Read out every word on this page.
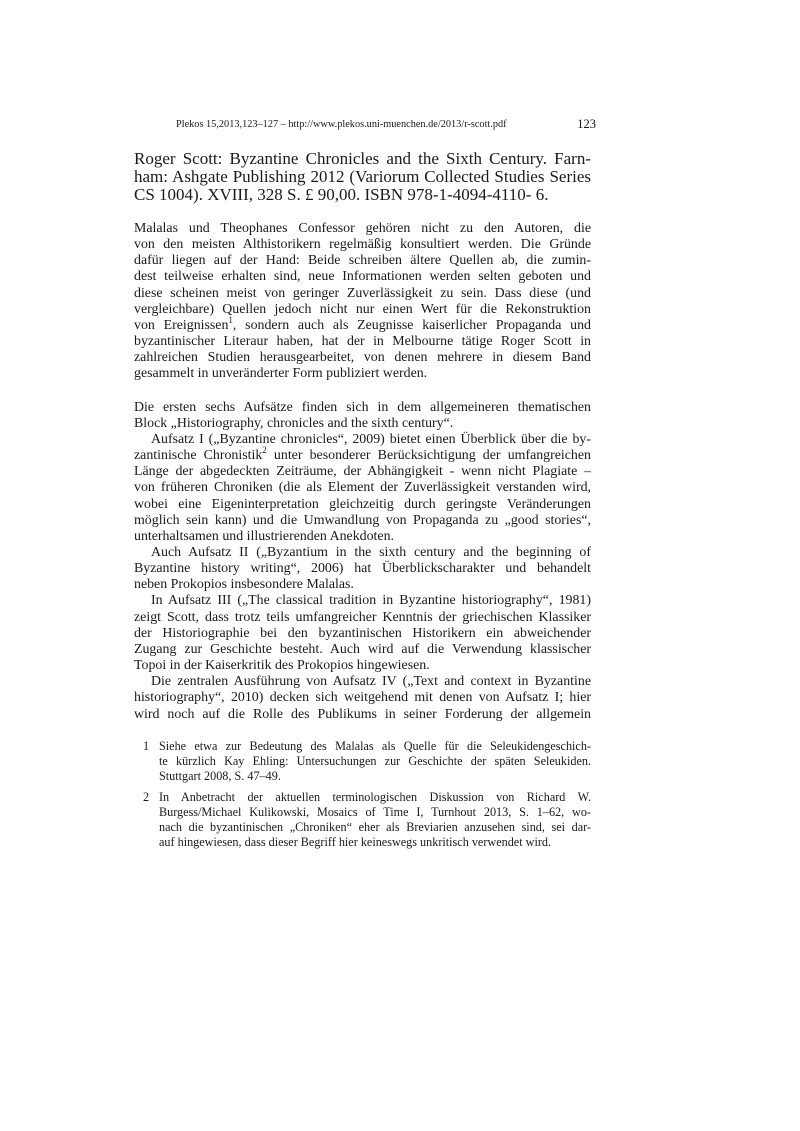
Plekos 15,2013,123–127 – http://www.plekos.uni-muenchen.de/2013/r-scott.pdf	123
Roger Scott: Byzantine Chronicles and the Sixth Century. Farn-
ham: Ashgate Publishing 2012 (Variorum Collected Studies Series
CS 1004). XVIII, 328 S. £ 90,00. ISBN 978-1-4094-4110- 6.
Malalas und Theophanes Confessor gehören nicht zu den Autoren, die
von den meisten Althistorikern regelmäßig konsultiert werden. Die Gründe
dafür liegen auf der Hand: Beide schreiben ältere Quellen ab, die zumin-
dest teilweise erhalten sind, neue Informationen werden selten geboten und
diese scheinen meist von geringer Zuverlässigkeit zu sein. Dass diese (und
vergleichbare) Quellen jedoch nicht nur einen Wert für die Rekonstruktion
von Ereignissen$^1$, sondern auch als Zeugnisse kaiserlicher Propaganda und
byzantinischer Literaur haben, hat der in Melbourne tätige Roger Scott in
zahlreichen Studien herausgearbeitet, von denen mehrere in diesem Band
gesammelt in unveränderter Form publiziert werden.
Die ersten sechs Aufsätze finden sich in dem allgemeineren thematischen
Block „Historiography, chronicles and the sixth century“.
Aufsatz I („Byzantine chronicles“, 2009) bietet einen Überblick über die by-
zantinische Chronistik$^2$ unter besonderer Berücksichtigung der umfangreichen
Länge der abgedeckten Zeiträume, der Abhängigkeit - wenn nicht Plagiate –
von früheren Chroniken (die als Element der Zuverlässigkeit verstanden wird,
wobei eine Eigeninterpretation gleichzeitig durch geringste Veränderungen
möglich sein kann) und die Umwandlung von Propaganda zu „good stories“,
unterhaltsamen und illustrierenden Anekdoten.
Auch Aufsatz II („Byzantium in the sixth century and the beginning of
Byzantine history writing“, 2006) hat Überblickscharakter und behandelt
neben Prokopios insbesondere Malalas.
In Aufsatz III („The classical tradition in Byzantine historiography“, 1981)
zeigt Scott, dass trotz teils umfangreicher Kenntnis der griechischen Klassiker
der Historiographie bei den byzantinischen Historikern ein abweichender
Zugang zur Geschichte besteht. Auch wird auf die Verwendung klassischer
Topoi in der Kaiserkritik des Prokopios hingewiesen.
Die zentralen Ausführung von Aufsatz IV („Text and context in Byzantine
historiography“, 2010) decken sich weitgehend mit denen von Aufsatz I; hier
wird noch auf die Rolle des Publikums in seiner Forderung der allgemein
1 Siehe etwa zur Bedeutung des Malalas als Quelle für die Seleukidengeschich-
te kürzlich Kay Ehling: Untersuchungen zur Geschichte der späten Seleukiden.
Stuttgart 2008, S. 47–49.
2 In Anbetracht der aktuellen terminologischen Diskussion von Richard W.
Burgess/Michael Kulikowski, Mosaics of Time I, Turnhout 2013, S. 1–62, wo-
nach die byzantinischen „Chroniken“ eher als Breviarien anzusehen sind, sei dar-
auf hingewiesen, dass dieser Begriff hier keineswegs unkritisch verwendet wird.
